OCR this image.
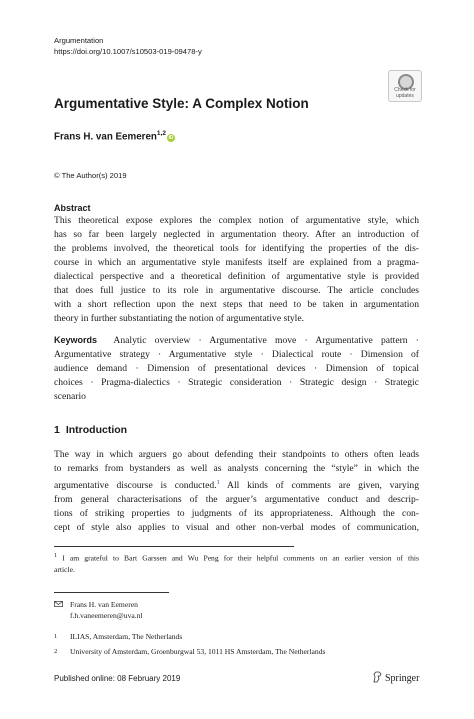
Argumentation
https://doi.org/10.1007/s10503-019-09478-y
Check for
updates
Argumentative Style: A Complex Notion
Frans H. van Eemeren$^{1,2}$iD
© The Author(s) 2019
Abstract
This theoretical expose explores the complex notion of argumentative style, which
has so far been largely neglected in argumentation theory. After an introduction of
the problems involved, the theoretical tools for identifying the properties of the dis-
course in which an argumentative style manifests itself are explained from a pragma-
dialectical perspective and a theoretical definition of argumentative style is provided
that does full justice to its role in argumentative discourse. The article concludes
with a short reflection upon the next steps that need to be taken in argumentation
theory in further substantiating the notion of argumentative style.
Keywords Analytic overview · Argumentative move · Argumentative pattern ·
Argumentative strategy · Argumentative style · Dialectical route · Dimension of
audience demand · Dimension of presentational devices · Dimension of topical
choices · Pragma-dialectics · Strategic consideration · Strategic design · Strategic
scenario
1 Introduction
The way in which arguers go about defending their standpoints to others often leads
to remarks from bystanders as well as analysts concerning the “style” in which the
argumentative discourse is conducted.$^1$ All kinds of comments are given, varying
from general characterisations of the arguer’s argumentative conduct and descrip-
tions of striking properties to judgments of its appropriateness. Although the con-
cept of style also applies to visual and other non-verbal modes of communication,
$^1$ I am grateful to Bart Garssen and Wu Peng for their helpful comments on an earlier version of this
article.
Frans H. van Eemeren
f.h.vaneemeren@uva.nl
1 ILIAS, Amsterdam, The Netherlands
2 University of Amsterdam, Groenburgwal 53, 1011 HS Amsterdam, The Netherlands
Published online: 08 February 2019	Springer
